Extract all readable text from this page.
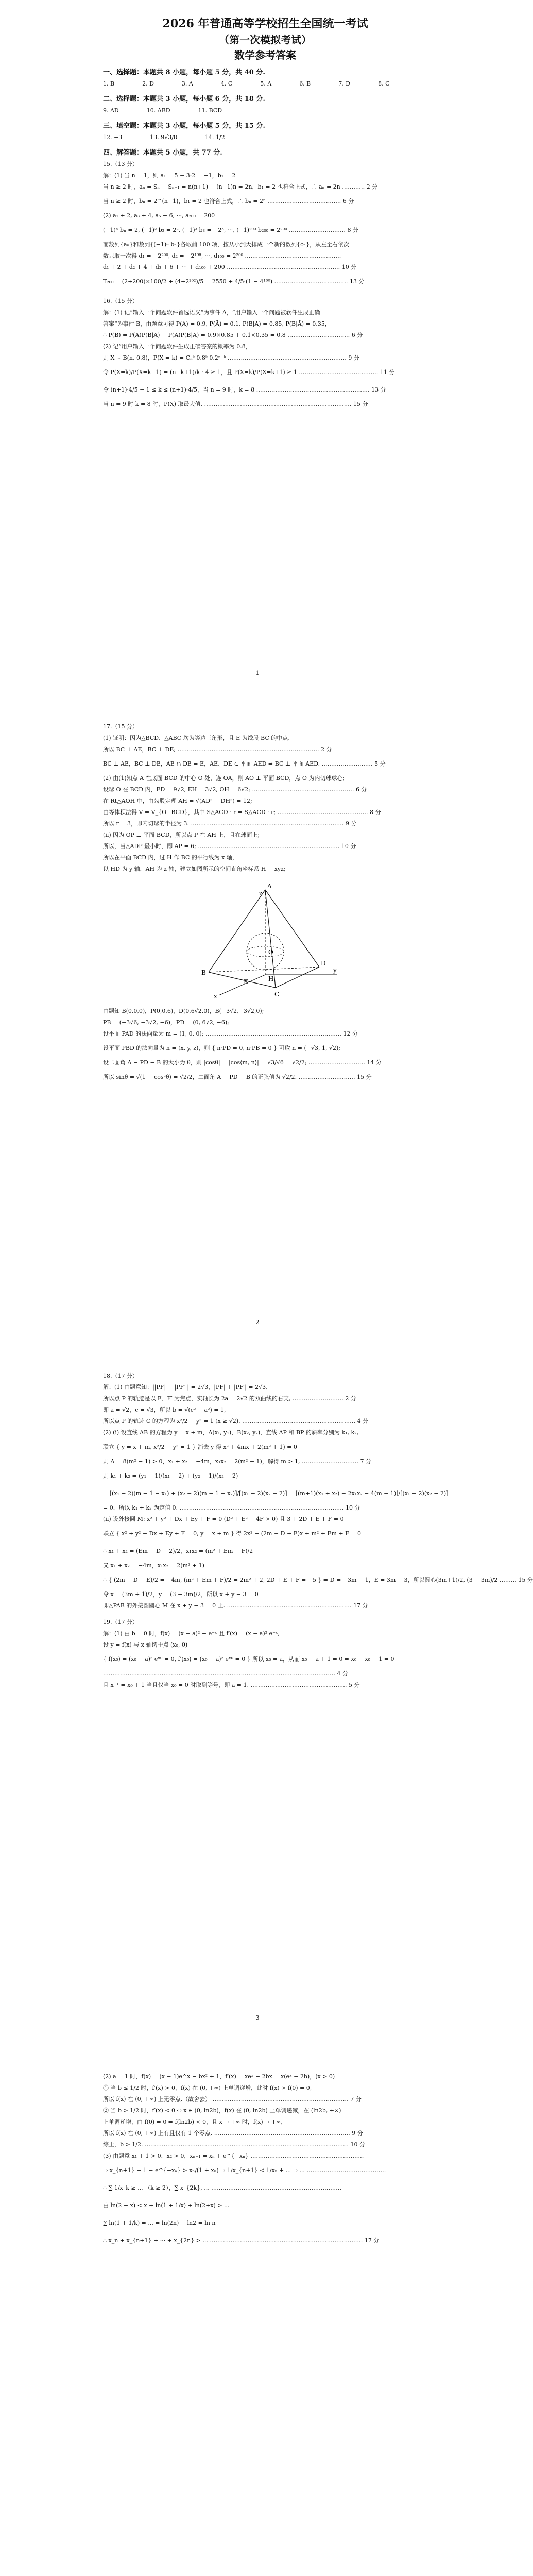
2026 年普通高等学校招生全国统一考试
（第一次模拟考试）
数学参考答案
一、选择题：本题共 8 小题，每小题 5 分，共 40 分.
1. B	2. D	3. A	4. C	5. A	6. B	7. D	8. C
二、选择题：本题共 3 小题，每小题 6 分，共 18 分.
9. AD	10. ABD	11. BCD
三、填空题：本题共 3 小题，每小题 5 分，共 15 分.
12. −3	13. 9√3/8	14. 1/2
四、解答题：本题共 5 小题，共 77 分.
15.（13 分）
解：(1) 当 n = 1，则 a₁ = 5 − 3·2 = −1，b₁ = 2
当 n ≥ 2 时，aₙ = Sₙ − Sₙ₋₁ = n(n+1) − (n−1)n = 2n，b₁ = 2 也符合上式，∴ aₙ = 2n ………… 2 分
当 n ≥ 2 时，bₙ = 2^(n−1)，b₁ = 2 也符合上式，∴ bₙ = 2ⁿ ………………………………… 6 分
(2) a₁ + 2, a₃ + 4, a₅ + 6, ···, a₂₀₀ = 200
(−1)ⁿ bₙ = 2, (−1)² b₂ = 2², (−1)³ b₃ = −2³, ···, (−1)²⁰⁰ b₂₀₀ = 2²⁰⁰ ………………………… 8 分
而数列{aₙ}和数列{(−1)ⁿ bₙ}各取前 100 项，按从小到大排成一个新的数列{cₙ}，从左至右依次
数只取一次得 d₁ = −2²⁰⁰, d₂ = −2¹⁹⁸, ···, d₁₀₀ = 2²⁰⁰ ……………………………………………
d₁ + 2 + d₂ + 4 + d₃ + 6 + ··· + d₁₀₀ + 200 …………………………………………………… 10 分
T₂₀₀ = (2+200)×100/2 + (4+2²⁰²)/5 = 2550 + 4/5·(1 − 4¹⁰⁰) ………………………………… 13 分
16.（15 分）
解：(1) 记“输入一个问题软件首选语义”为事件 A，“用户输入一个问题被软件生成正确
答案”为事件 B，由题意可得 P(A) = 0.9, P(Ā) = 0.1, P(B|A) = 0.85, P(B|Ā) = 0.35，
∴ P(B) = P(A)P(B|A) + P(Ā)P(B|Ā) = 0.9×0.85 + 0.1×0.35 = 0.8 …………………………… 6 分
(2) 记“用户输入一个问题软件生成正确答案的概率为 0.8，
则 X ~ B(n, 0.8)，P(X = k) = Cₙᵏ 0.8ᵏ 0.2ⁿ⁻ᵏ ……………………………………………………… 9 分
令 P(X=k)/P(X=k−1) = (n−k+1)/k · 4 ≥ 1，且 P(X=k)/P(X=k+1) ≥ 1 …………………………………… 11 分
令 (n+1)·4/5 − 1 ≤ k ≤ (n+1)·4/5，当 n = 9 时，k = 8 …………………………………………………… 13 分
当 n = 9 时 k = 8 时，P(X) 取最大值. …………………………………………………………………… 15 分
1
17.（15 分）
(1) 证明：因为△BCD、△ABC 均为等边三角形，且 E 为线段 BC 的中点.
所以 BC ⊥ AE，BC ⊥ DE; ………………………………………………………………… 2 分
BC ⊥ AE，BC ⊥ DE，AE ∩ DE = E，AE、DE ⊂ 平面 AED ⇒ BC ⊥ 平面 AED. ……………………… 5 分
(2) 由(1)知点 A 在底面 BCD 的中心 O 处，连 OA，则 AO ⊥ 平面 BCD，点 O 为内切球球心;
设球 O 在 BCD 内，ED = 9√2, EH = 3√2, OH = 6√2; ……………………………………………… 6 分
在 Rt△AOH 中，由勾股定理 AH = √(AD² − DH²) = 12;
由等体积法得 V = V_{O−BCD}，其中 S△ACD · r = S△ACD · r; ………………………………………… 8 分
所以 r = 3，即内切球的半径为 3. ……………………………………………………………………… 9 分
(ii) 因为 OP ⊥ 平面 BCD，所以点 P 在 AH 上，且在球面上;
所以，当△ADP 最小时，即 AP = 6; ………………………………………………………………… 10 分
所以在平面 BCD 内，过 H 作 BC 的平行线为 x 轴，
以 HD 为 y 轴，AH 为 z 轴，建立如图所示的空间直角坐标系 H − xyz;
A
B
C
D
E	H
O
x
y
z
由题知 B(0,0,0)，P(0,0,6)，D(0,6√2,0)，B(−3√2,−3√2,0);
PB = (−3√6, −3√2, −6)，PD = (0, 6√2, −6);
设平面 PAD 的法向量为 m = (1, 0, 0); ……………………………………………………………… 12 分
设平面 PBD 的法向量为 n = (x, y, z)，则 { n·PD = 0, n·PB = 0 } 可取 n = (−√3, 1, √2);
设二面角 A − PD − B 的大小为 θ，则 |cosθ| = |cos⟨m, n⟩| = √3/√6 = √2/2; ………………………… 14 分
所以 sinθ = √(1 − cos²θ) = √2/2，二面角 A − PD − B 的正弦值为 √2/2. ………………………… 15 分
2
18.（17 分）
解：(1) 由题意知：||PF| − |PF′|| = 2√3，|PF| + |PF′| = 2√3,
所以点 P 的轨迹是以 F、F′ 为焦点，实轴长为 2a = 2√2 的双曲线的右支, ……………………… 2 分
即 a = √2，c = √3，所以 b = √(c² − a²) = 1,
所以点 P 的轨迹 C 的方程为 x²/2 − y² = 1 (x ≥ √2). …………………………………………………… 4 分
(2) (i) 设直线 AB 的方程为 y = x + m，A(x₁, y₁)，B(x₂, y₂)，直线 AP 和 BP 的斜率分别为 k₁, k₂,
联立 { y = x + m, x²/2 − y² = 1 } 消去 y 得 x² + 4mx + 2(m² + 1) = 0
则 Δ = 8(m² − 1) > 0，x₁ + x₂ = −4m，x₁x₂ = 2(m² + 1)，解得 m > 1, ………………………… 7 分
则 k₁ + k₂ = (y₁ − 1)/(x₁ − 2) + (y₂ − 1)/(x₂ − 2)
= [(x₁ − 2)(m − 1 − x₁) + (x₂ − 2)(m − 1 − x₂)]/[(x₁ − 2)(x₂ − 2)] = [(m+1)(x₁ + x₂) − 2x₁x₂ − 4(m − 1)]/[(x₁ − 2)(x₂ − 2)]
= 0，所以 k₁ + k₂ 为定值 0. …………………………………………………………………………… 10 分
(ii) 设外接圆 M: x² + y² + Dx + Ey + F = 0 (D² + E² − 4F > 0) 且 3 + 2D + E + F = 0
联立 { x² + y² + Dx + Ey + F = 0, y = x + m } 得 2x² − (2m − D + E)x + m² + Em + F = 0
∴ x₁ + x₂ = (Em − D − 2)/2，x₁x₂ = (m² + Em + F)/2
又 x₁ + x₂ = −4m，x₁x₂ = 2(m² + 1)
∴ { (2m − D − E)/2 = −4m, (m² + Em + F)/2 = 2m² + 2, 2D + E + F = −5 } ⇒ D = −3m − 1，E = 3m − 3，所以圆心(3m+1)/2, (3 − 3m)/2 ……… 15 分
令 x = (3m + 1)/2，y = (3 − 3m)/2，所以 x + y − 3 = 0
即△PAB 的外接圆圆心 M 在 x + y − 3 = 0 上. ………………………………………………………… 17 分
19.（17 分）
解：(1) 由 b = 0 时，f(x) = (x − a)² + e⁻ˣ 且 f′(x) = (x − a)² e⁻ˣ,
设 y = f(x) 与 x 轴切于点 (x₀, 0)
{ f(x₀) = (x₀ − a)² eˣ⁰ = 0, f′(x₀) = (x₀ − a)² eˣ⁰ = 0 } 所以 x₀ = a，从而 x₀ − a + 1 = 0 ⇒ x₀ − x₀ − 1 = 0
…………………………………………………………………………………………………………… 4 分
且 x⁻¹ = x₀ + 1 当且仅当 x₀ = 0 时取到等号，即 a = 1. …………………………………………… 5 分
3
(2) a = 1 时，f(x) = (x − 1)e^x − bx² + 1，f′(x) = xeˣ − 2bx = x(eˣ − 2b)，(x > 0)
① 当 b ≤ 1/2 时，f′(x) > 0，f(x) 在 (0, +∞) 上单调递增，此时 f(x) > f(0) = 0,
所以 f(x) 在 (0, +∞) 上无零点.（故舍去） ……………………………………………………………… 7 分
② 当 b > 1/2 时，f′(x) < 0 ⇔ x ∈ (0, ln2b)，f(x) 在 (0, ln2b) 上单调递减，在 (ln2b, +∞)
上单调递增，由 f(0) = 0 ⇒ f(ln2b) < 0，且 x → +∞ 时，f(x) → +∞,
所以 f(x) 在 (0, +∞) 上有且仅有 1 个零点. ……………………………………………………………… 9 分
综上，b > 1/2. ……………………………………………………………………………………………… 10 分
(3) 由题意 x₁ + 1 > 0，x₂ > 0，xₙ₊₁ = xₙ + e^{−xₙ} ……………………………………………………
⇒ x_{n+1} − 1 − e^{−xₙ} > xₙ/(1 + xₙ) ⇒ 1/x_{n+1} < 1/xₙ + ... ⇒ ... ……………………………………
∴ ∑ 1/x_k ≥ ... （k ≥ 2），∑ x_{2k}, ... ……………………………………………………………
由 ln(2 + x) < x + ln(1 + 1/x) + ln(2+x) > ...
∑ ln(1 + 1/k) = ... = ln(2n) − ln2 = ln n
∴ x_n + x_{n+1} + ··· + x_{2n} > ... ……………………………………………………………………… 17 分
